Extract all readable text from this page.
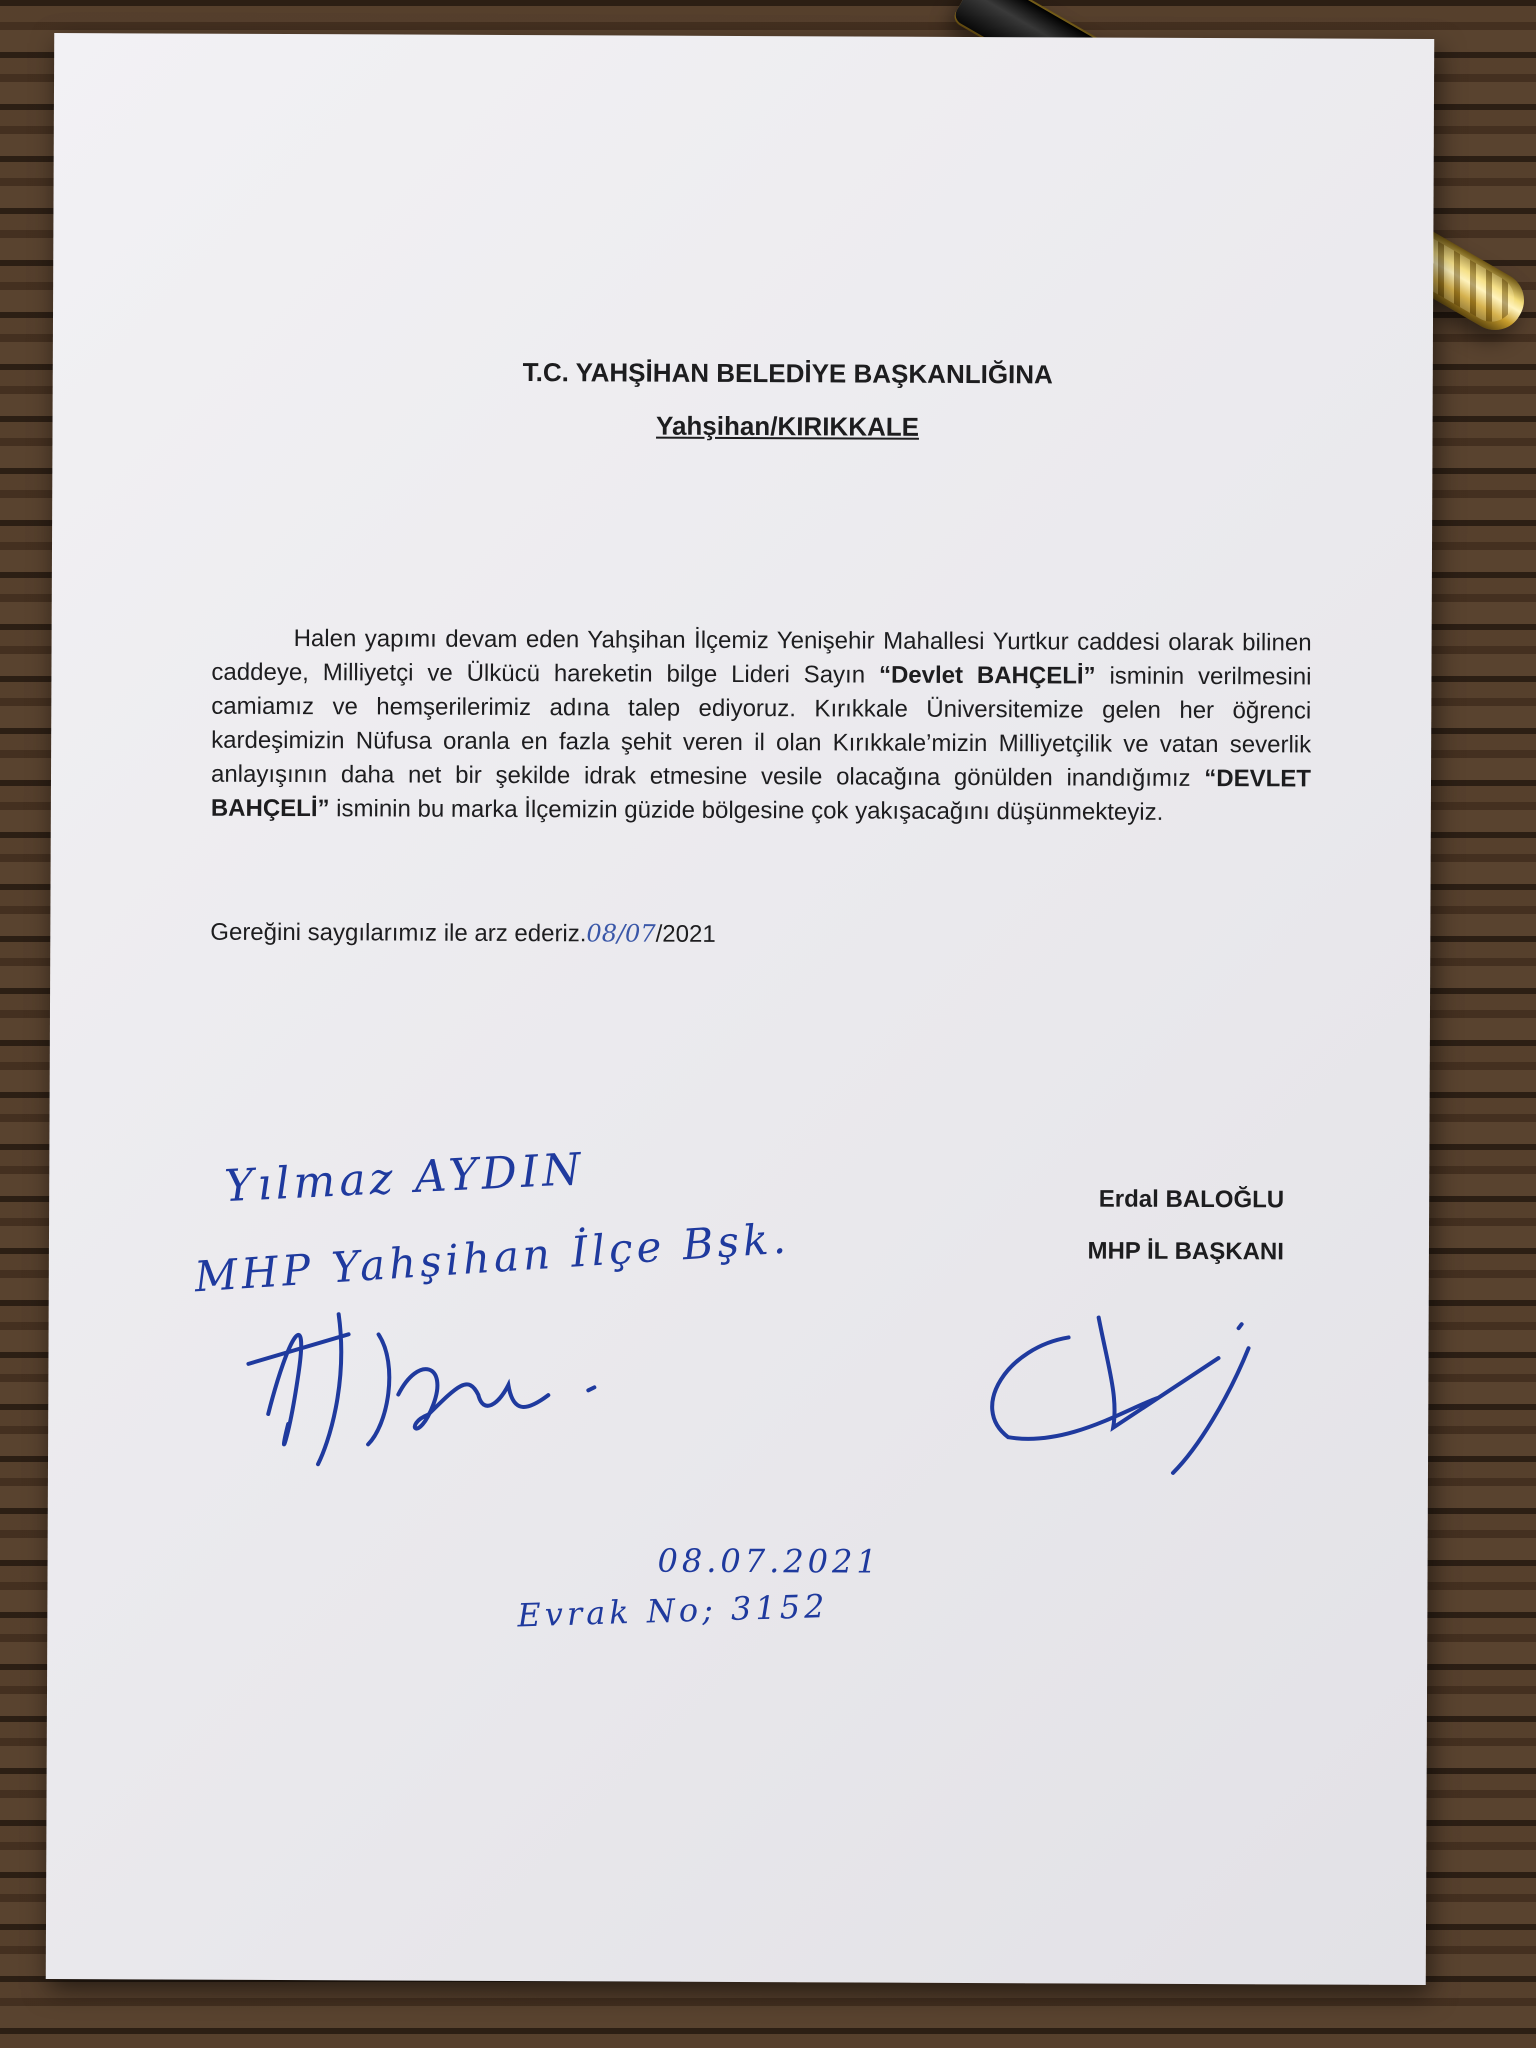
T.C. YAHŞİHAN BELEDİYE BAŞKANLIĞINA
Yahşihan/KIRIKKALE

Halen yapımı devam eden Yahşihan İlçemiz Yenişehir Mahallesi Yurtkur caddesi olarak bilinen caddeye, Milliyetçi ve Ülkücü hareketin bilge Lideri Sayın “Devlet BAHÇELİ” isminin verilmesini camiamız ve hemşerilerimiz adına talep ediyoruz. Kırıkkale Üniversitemize gelen her öğrenci kardeşimizin Nüfusa oranla en fazla şehit veren il olan Kırıkkale’mizin Milliyetçilik ve vatan severlik anlayışının daha net bir şekilde idrak etmesine vesile olacağına gönülden inandığımız “DEVLET BAHÇELİ” isminin bu marka İlçemizin güzide bölgesine çok yakışacağını düşünmekteyiz.

Gereğini saygılarımız ile arz ederiz.08/07/2021
Yılmaz AYDIN
MHP Yahşihan İlçe Bşk.
Erdal BALOĞLU
MHP İL BAŞKANI
08.07.2021
Evrak No; 3152
